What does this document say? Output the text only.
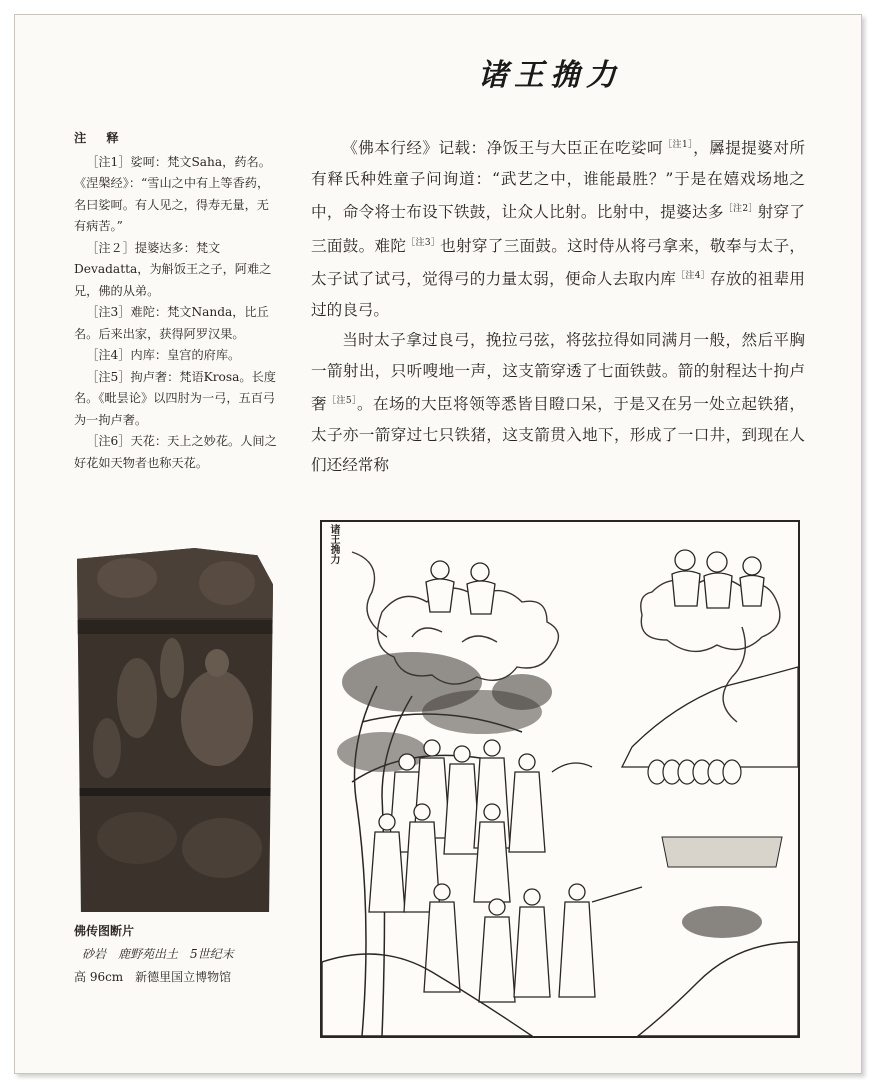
诸王捔力
注 释

［注1］娑呵：梵文Saha，药名。《涅槃经》：“雪山之中有上等香药，名曰娑呵。有人见之，得寿无量，无有病苦。”

［注２］提婆达多：梵文Devadatta，为斛饭王之子，阿难之兄，佛的从弟。

［注3］难陀：梵文Nanda，比丘名。后来出家，获得阿罗汉果。

［注4］内库：皇宫的府库。

［注5］拘卢奢：梵语Krosa。长度名。《毗昙论》以四肘为一弓，五百弓为一拘卢奢。

［注6］天花：天上之妙花。人间之好花如天物者也称天花。

《佛本行经》记载：净饭王与大臣正在吃娑呵$^{[注1]}$，羼提提婆对所有释氏种姓童子问询道：“武艺之中，谁能最胜？”于是在嬉戏场地之中，命令将士布设下铁鼓，让众人比射。比射中，提婆达多$^{[注2]}$射穿了三面鼓。难陀$^{[注3]}$也射穿了三面鼓。这时侍从将弓拿来，敬奉与太子，太子试了试弓，觉得弓的力量太弱，便命人去取内库$^{[注4]}$存放的祖辈用过的良弓。

当时太子拿过良弓，挽拉弓弦，将弦拉得如同满月一般，然后平胸一箭射出，只听嗖地一声，这支箭穿透了七面铁鼓。箭的射程达十拘卢奢$^{[注5]}$。在场的大臣将领等悉皆目瞪口呆，于是又在另一处立起铁猪，太子亦一箭穿过七只铁猪，这支箭贯入地下，形成了一口井，到现在人们还经常称

佛传图断片
砂岩　鹿野苑出土　5世纪末
高 96cm　新德里国立博物馆
诸王捔力
